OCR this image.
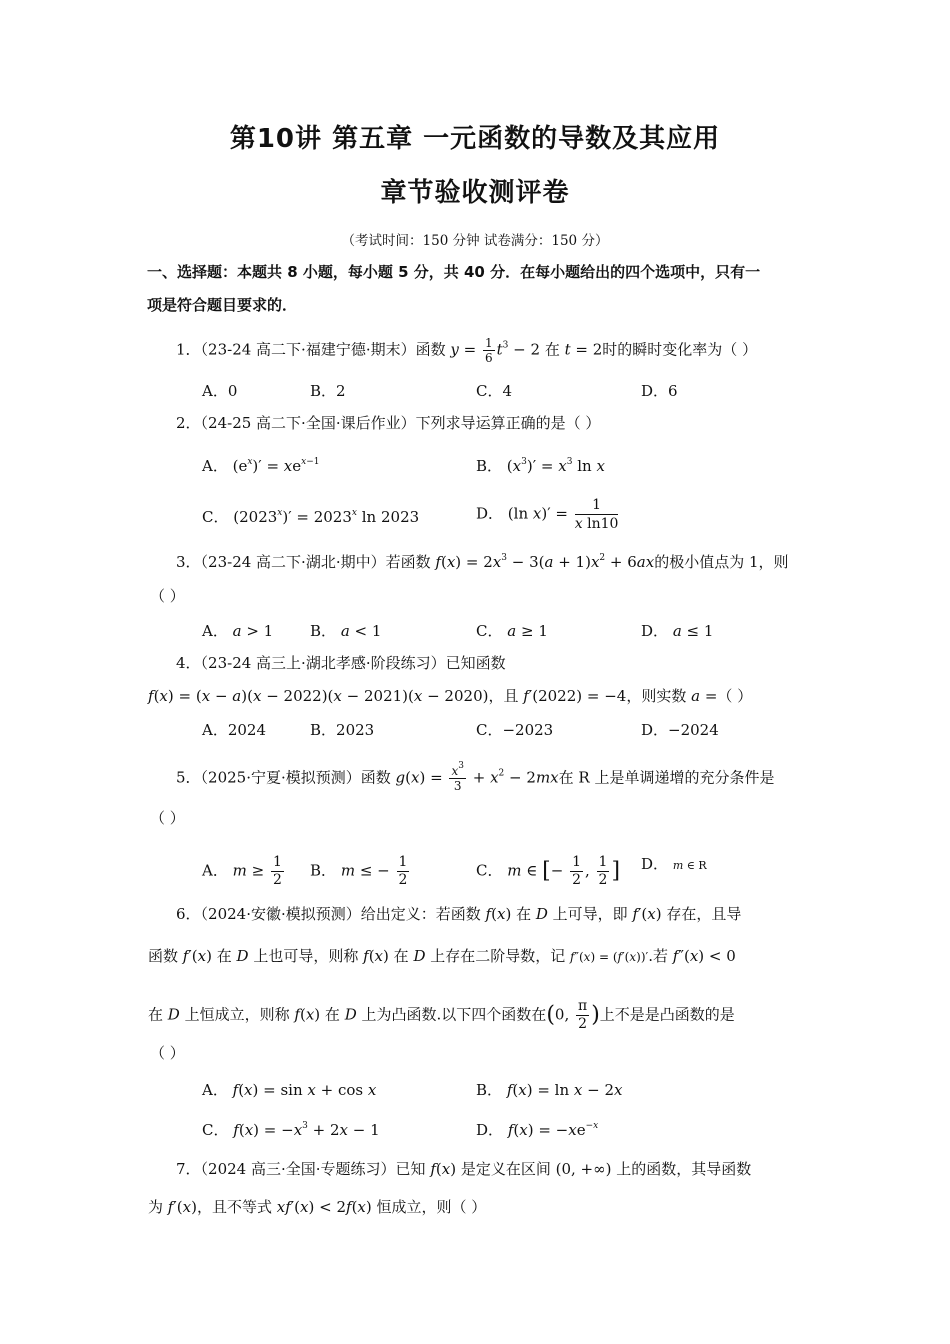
第10讲 第五章 一元函数的导数及其应用
章节验收测评卷
（考试时间：150 分钟 试卷满分：150 分）
一、选择题：本题共 8 小题，每小题 5 分，共 40 分．在每小题给出的四个选项中，只有一
项是符合题目要求的．
1．（23-24 高二下·福建宁德·期末）函数 $y = \frac{1}{6} t^3 - 2$ 在 t = 2时的瞬时变化率为（ ）
A．0	B．2	C．4	D．6
2．（24-25 高二下·全国·课后作业）下列求导运算正确的是（ ）
A． $(e^x)' = xe^{x-1}$	B． $(x^3)' = x^3$ ln x
C． $(2023^x)' = 2023^x$ ln 2023	D． (ln $x)' = \frac{1}{\text{x ln10}}$
3．（23-24 高二下·湖北·期中）若函数 $f(x) = 2x^3 - 3(a + 1)x^2 + 6ax$的极小值点为 1，则
（ ）
A． a > 1 B． a < 1	C． a ≥ 1	D． a ≤ 1
4．（23-24 高三上·湖北孝感·阶段练习）已知函数
f(x) = (x − a)(x − 2022)(x − 2021)(x − 2020)，且 f′(2022) = −4，则实数 a =（ ）
A．2024	B．2023	C．−2023	D．−2024
5．（2025·宁夏·模拟预测）函数 $g(x) = \frac{x^3}{3} + x^2 - 2mx$在 R 上是单调递增的充分条件是
（ ）
A． $m \ge \frac{1}{2}$ B． m ≤ − $\frac{1}{2}$	C． m ∈ [− $\frac{1}{2}$ , $\frac{1}{2}$ ] D． m ∈ R
6．（2024·安徽·模拟预测）给出定义：若函数 f(x) 在 D 上可导，即 f′(x) 存在，且导
函数 f′(x) 在 D 上也可导，则称 f(x) 在 D 上存在二阶导数，记 f″(x) = (f′(x))′.若 f″(x) < 0
在 D 上恒成立，则称 f(x) 在 D 上为凸函数.以下四个函数在(0, $\frac{\pi}{2}$ )上不是是凸函数的是
（ ）
A． f(x) = sin x + cos x	B． f(x) = ln x − 2x
C． $f(x) = -x^3 + 2x - 1$	D． $f(x) = -xe^{-x}$
7．（2024 高三·全国·专题练习）已知 f(x) 是定义在区间 (0, +∞) 上的函数，其导函数
为 f′(x)，且不等式 xf′(x) < 2f(x) 恒成立，则（ ）
